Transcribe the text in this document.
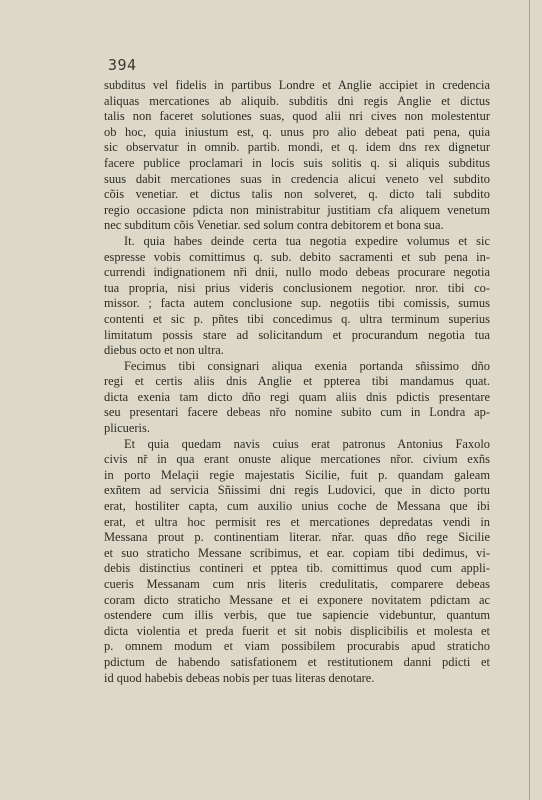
394
subditus vel fidelis in partibus Londre et Anglie accipiet in credencia
aliquas mercationes ab aliquib. subditis dni regis Anglie et dictus
talis non faceret solutiones suas, quod alii nri cives non molestentur
ob hoc, quia iniustum est, q. unus pro alio debeat pati pena, quia
sic observatur in omnib. partib. mondi, et q. idem dns rex dignetur
facere publice proclamari in locis suis solitis q. si aliquis subditus
suus dabit mercationes suas in credencia alicui veneto vel subdito
cõis venetiar. et dictus talis non solveret, q. dicto tali subdito
regio occasione pdicta non ministrabitur justitiam cfa aliquem venetum
nec subditum cõis Venetiar. sed solum contra debitorem et bona sua.
It. quia habes deinde certa tua negotia expedire volumus et sic
espresse vobis comittimus q. sub. debito sacramenti et sub pena in-
currendi indignationem nři dnii, nullo modo debeas procurare negotia
tua propria, nisi prius videris conclusionem negotior. nror. tibi co-
missor. ; facta autem conclusione sup. negotiis tibi comissis, sumus
contenti et sic p. pñtes tibi concedimus q. ultra terminum superius
limitatum possis stare ad solicitandum et procurandum negotia tua
diebus octo et non ultra.
Fecimus tibi consignari aliqua exenia portanda sñissimo dño
regi et certis aliis dnis Anglie et ppterea tibi mandamus quat.
dicta exenia tam dicto dño regi quam aliis dnis pdictis presentare
seu presentari facere debeas nřo nomine subito cum in Londra ap-
plicueris.
Et quia quedam navis cuius erat patronus Antonius Faxolo
civis nř in qua erant onuste alique mercationes nřor. civium exñs
in porto Melaçii regie majestatis Sicilie, fuit p. quandam galeam
exñtem ad servicia Sñissimi dni regis Ludovici, que in dicto portu
erat, hostiliter capta, cum auxilio unius coche de Messana que ibi
erat, et ultra hoc permisit res et mercationes depredatas vendi in
Messana prout p. continentiam literar. nřar. quas dño rege Sicilie
et suo straticho Messane scribimus, et ear. copiam tibi dedimus, vi-
debis distinctius contineri et pptea tib. comittimus quod cum appli-
cueris Messanam cum nris literis credulitatis, comparere debeas
coram dicto straticho Messane et ei exponere novitatem pdictam ac
ostendere cum illis verbis, que tue sapiencie videbuntur, quantum
dicta violentia et preda fuerit et sit nobis displicibilis et molesta et
p. omnem modum et viam possibilem procurabis apud straticho
pdictum de habendo satisfationem et restitutionem danni pdicti et
id quod habebis debeas nobis per tuas literas denotare.
